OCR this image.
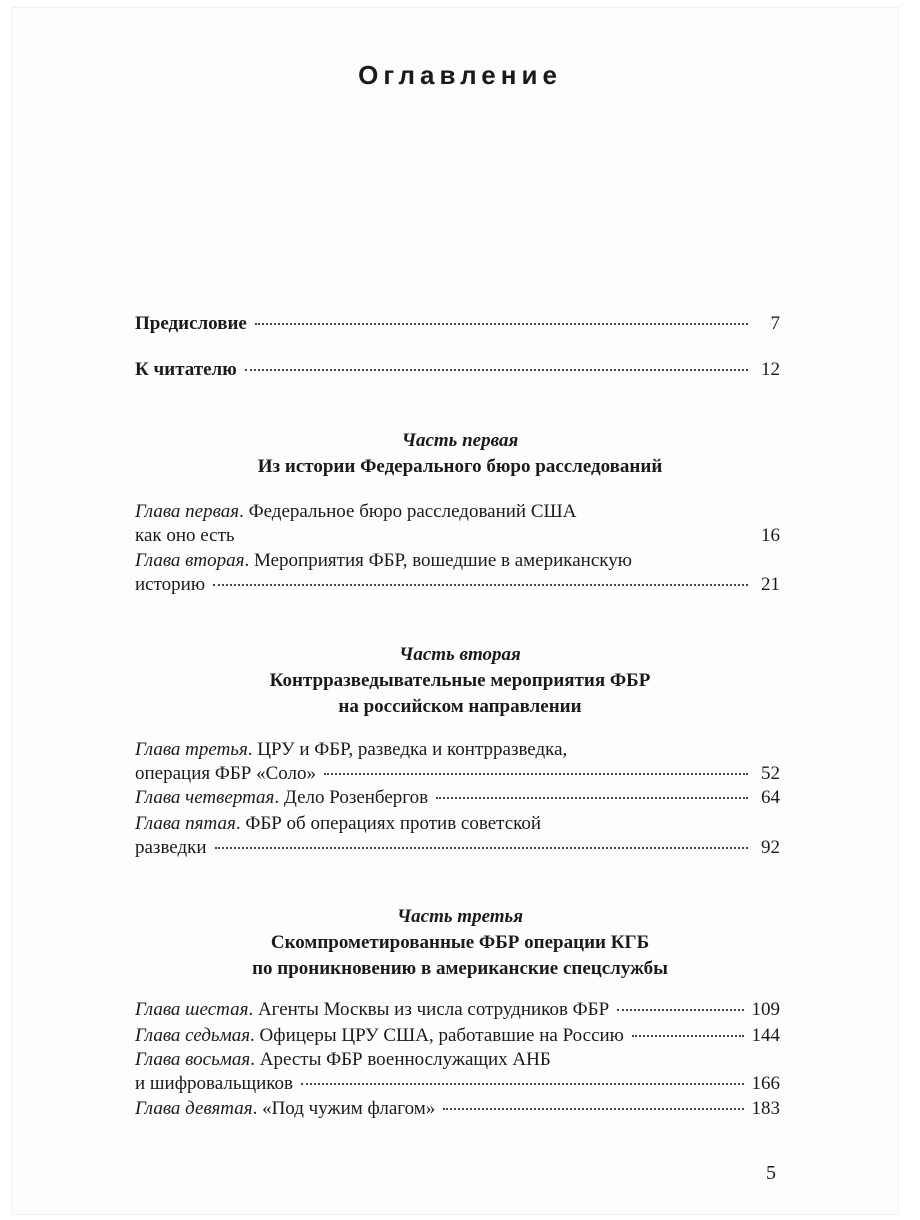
Оглавление
Предисловие	7
К читателю	12
Часть первая
Из истории Федерального бюро расследований
Глава первая . Федеральное бюро расследований США
как оно есть	16
Глава вторая . Мероприятия ФБР, вошедшие в американскую
историю	21
Часть вторая
Контрразведывательные мероприятия ФБР
на российском направлении
Глава третья . ЦРУ и ФБР, разведка и контрразведка,
операция ФБР «Соло»	52
Глава четвертая . Дело Розенбергов	64
Глава пятая . ФБР об операциях против советской
разведки	92
Часть третья
Скомпрометированные ФБР операции КГБ
по проникновению в американские спецслужбы
Глава шестая . Агенты Москвы из числа сотрудников ФБР	109
Глава седьмая . Офицеры ЦРУ США, работавшие на Россию	144
Глава восьмая . Аресты ФБР военнослужащих АНБ
и шифровальщиков	166
Глава девятая . «Под чужим флагом»	183
5
